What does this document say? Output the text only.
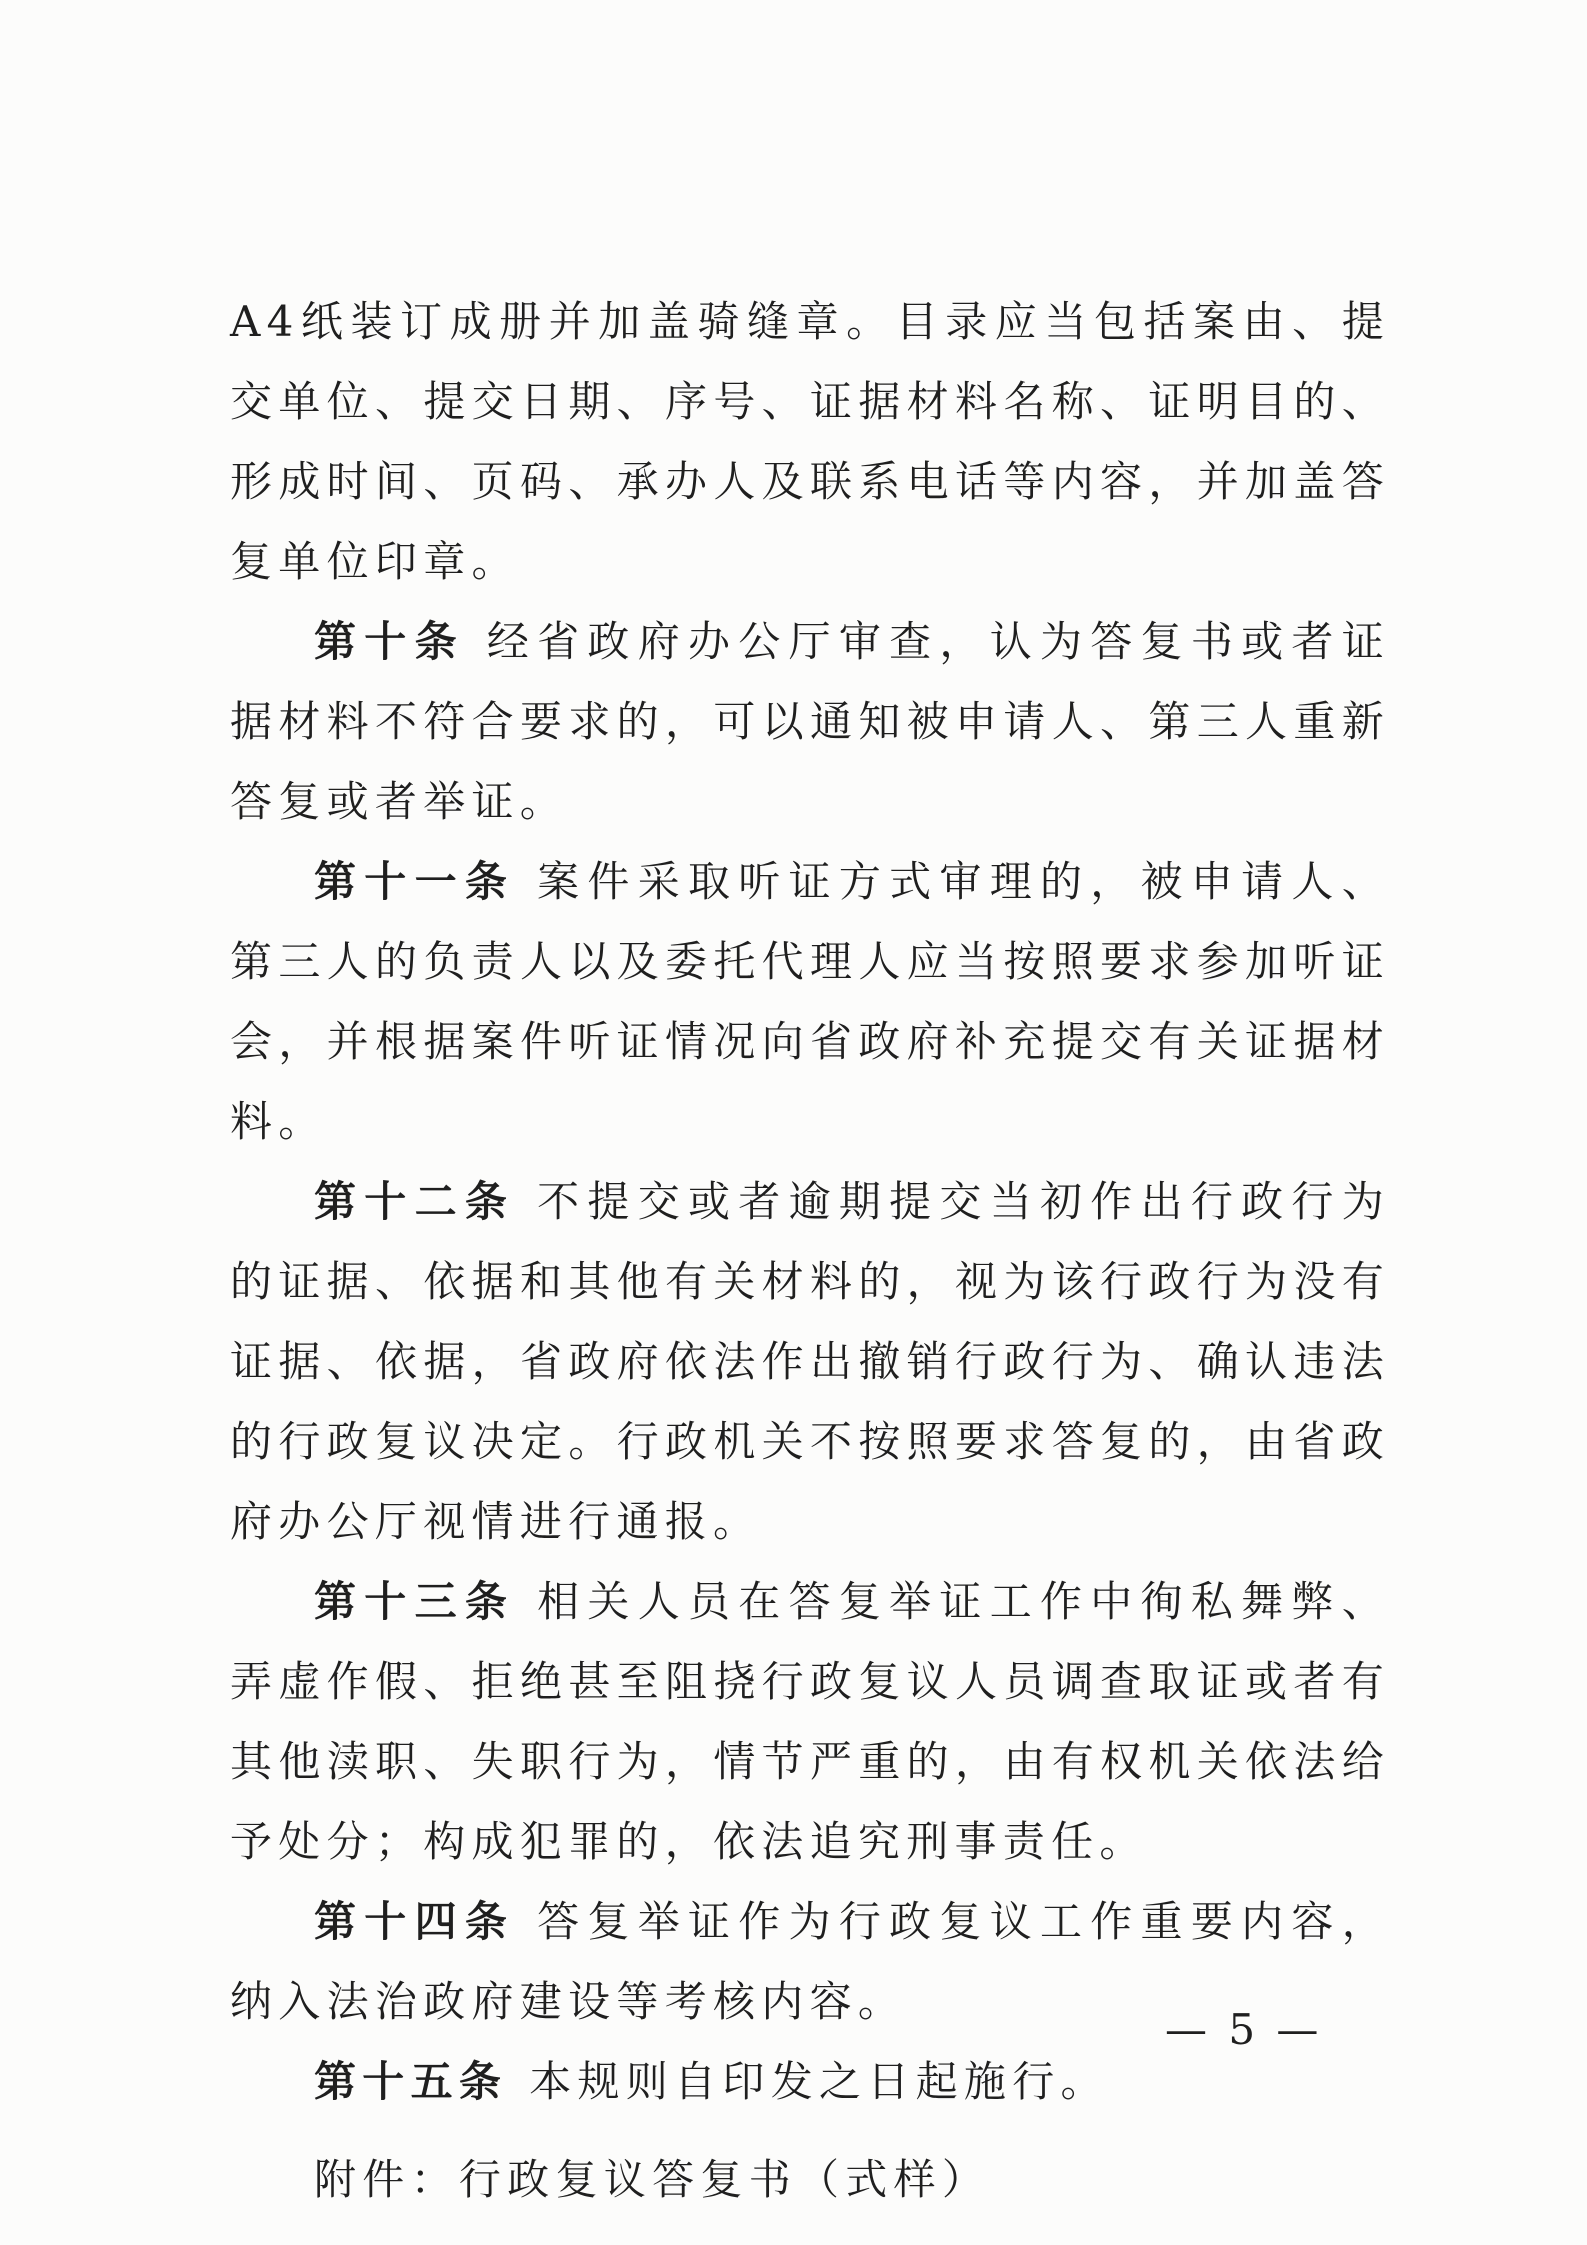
A4纸装订成册并加盖骑缝章。目录应当包括案由、提交单位、提交日期、序号、证据材料名称、证明目的、形成时间、页码、承办人及联系电话等内容，并加盖答复单位印章。

第十条 经省政府办公厅审查，认为答复书或者证据材料不符合要求的，可以通知被申请人、第三人重新答复或者举证。

第十一条 案件采取听证方式审理的，被申请人、第三人的负责人以及委托代理人应当按照要求参加听证会，并根据案件听证情况向省政府补充提交有关证据材料。

第十二条 不提交或者逾期提交当初作出行政行为的证据、依据和其他有关材料的，视为该行政行为没有证据、依据，省政府依法作出撤销行政行为、确认违法的行政复议决定。行政机关不按照要求答复的，由省政府办公厅视情进行通报。

第十三条 相关人员在答复举证工作中徇私舞弊、弄虚作假、拒绝甚至阻挠行政复议人员调查取证或者有其他渎职、失职行为，情节严重的，由有权机关依法给予处分；构成犯罪的，依法追究刑事责任。

第十四条 答复举证作为行政复议工作重要内容，纳入法治政府建设等考核内容。

第十五条 本规则自印发之日起施行。

附件：行政复议答复书（式样）

— 5 —
